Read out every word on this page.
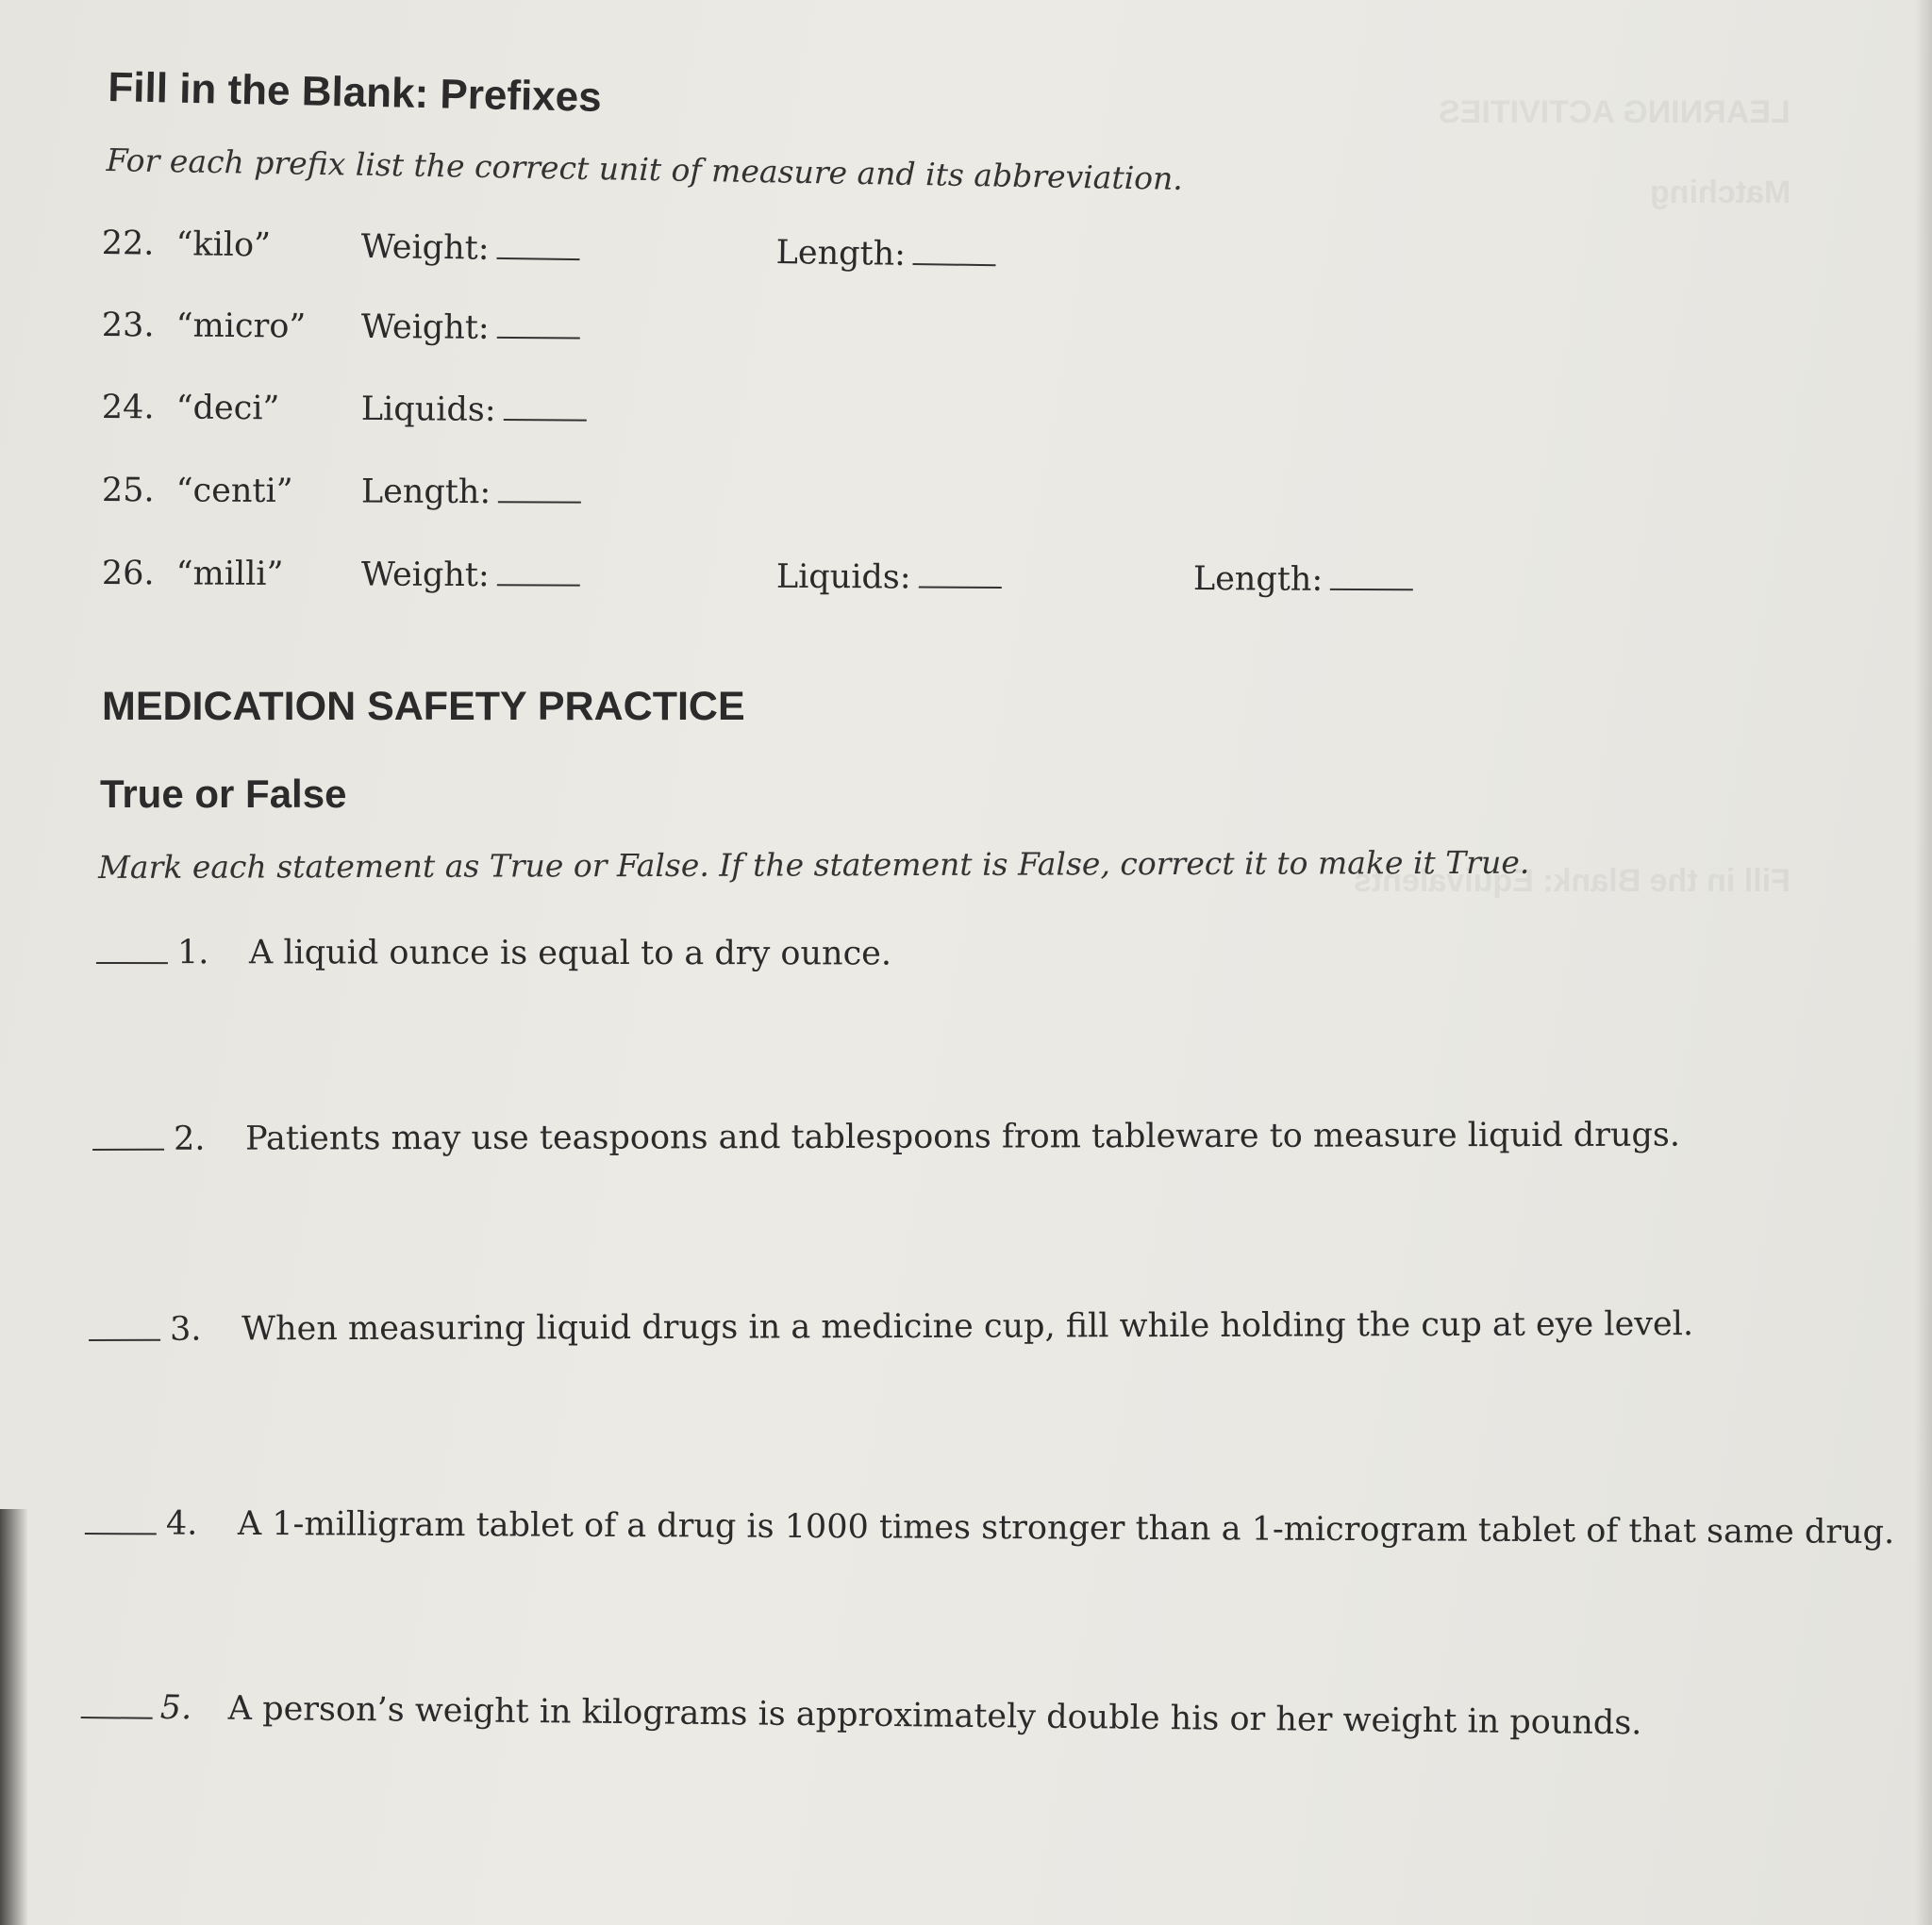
LEARNING ACTIVITIES
Matching
Fill in the Blank: Equivalents
Fill in the Blank: Prefixes
For each prefix list the correct unit of measure and its abbreviation.
22. “kilo”	Weight:	Length:
23. “micro” Weight:
24. “deci” Liquids:
25. “centi” Length:
26. “milli” Weight:	Liquids:	Length:
MEDICATION SAFETY PRACTICE
True or False
Mark each statement as True or False. If the statement is False, correct it to make it True.
1. A liquid ounce is equal to a dry ounce.
2. Patients may use teaspoons and tablespoons from tableware to measure liquid drugs.
3. When measuring liquid drugs in a medicine cup, fill while holding the cup at eye level.
4. A 1-milligram tablet of a drug is 1000 times stronger than a 1-microgram tablet of that same drug.
5. A person’s weight in kilograms is approximately double his or her weight in pounds.
